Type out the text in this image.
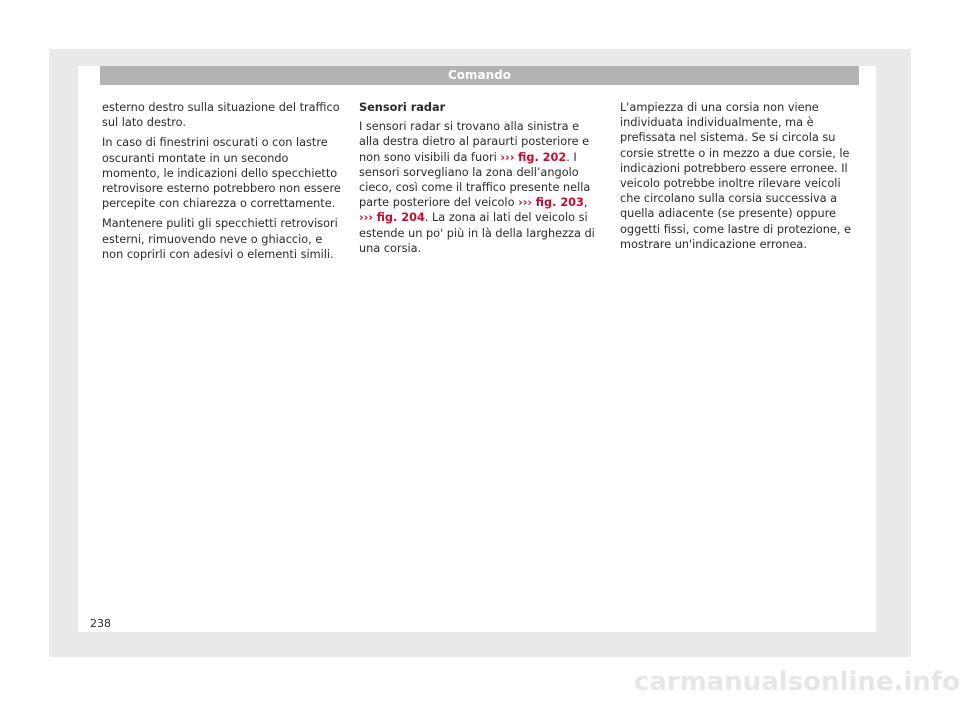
Comando

esterno destro sulla situazione del traffico sul lato destro.

In caso di finestrini oscurati o con lastre oscuranti montate in un secondo momento, le indicazioni dello specchietto retrovisore esterno potrebbero non essere percepite con chiarezza o correttamente.

Mantenere puliti gli specchietti retrovisori esterni, rimuovendo neve o ghiaccio, e non coprirli con adesivi o elementi simili.

Sensori radar

I sensori radar si trovano alla sinistra e alla destra dietro al paraurti posteriore e non sono visibili da fuori ››› fig. 202. I sensori sorvegliano la zona dell’angolo cieco, così come il traffico presente nella parte posteriore del veicolo ››› fig. 203, ››› fig. 204. La zona ai lati del veicolo si estende un po' più in là della larghezza di una corsia.

L'ampiezza di una corsia non viene individuata individualmente, ma è prefissata nel sistema. Se si circola su corsie strette o in mezzo a due corsie, le indicazioni potrebbero essere erronee. Il veicolo potrebbe inoltre rilevare veicoli che circolano sulla corsia successiva a quella adiacente (se presente) oppure oggetti fissi, come lastre di protezione, e mostrare un'indicazione erronea.

238
carmanualsonline.info
